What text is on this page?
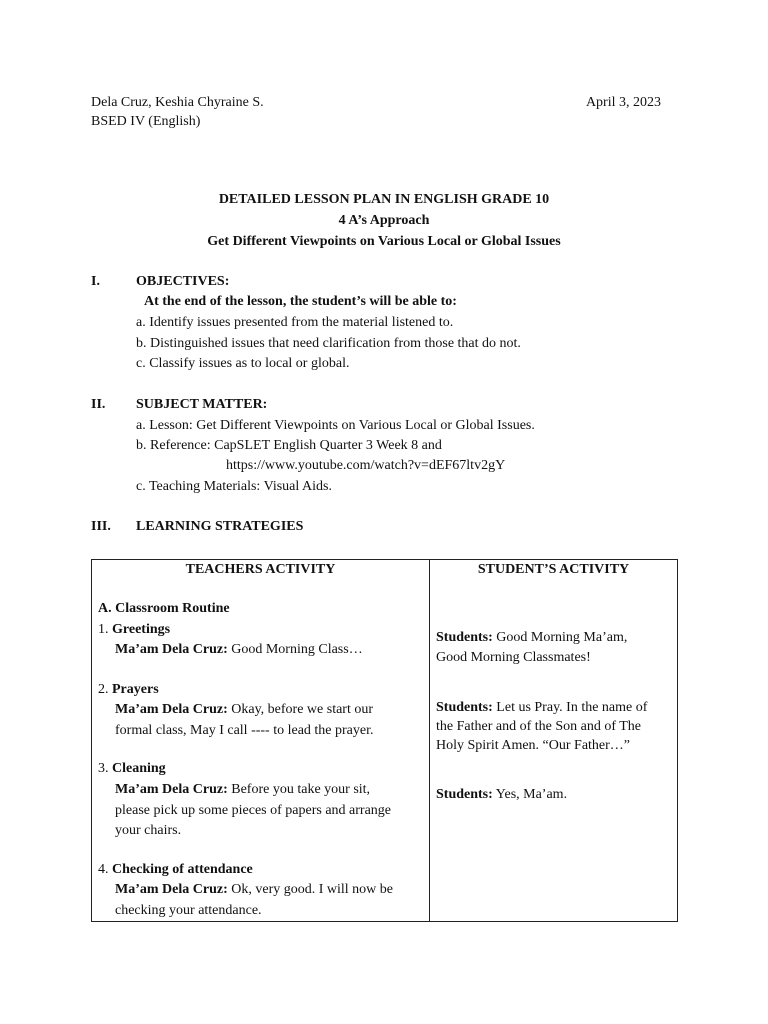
Dela Cruz, Keshia Chyraine S.
BSED IV (English)
April 3, 2023
DETAILED LESSON PLAN IN ENGLISH GRADE 10
4 A’s Approach
Get Different Viewpoints on Various Local or Global Issues
I.	OBJECTIVES:
At the end of the lesson, the student’s will be able to:
a. Identify issues presented from the material listened to.
b. Distinguished issues that need clarification from those that do not.
c. Classify issues as to local or global.
II. SUBJECT MATTER:
a. Lesson: Get Different Viewpoints on Various Local or Global Issues.
b. Reference: CapSLET English Quarter 3 Week 8 and
https://www.youtube.com/watch?v=dEF67ltv2gY
c. Teaching Materials: Visual Aids.
III. LEARNING STRATEGIES
TEACHERS ACTIVITY
A. Classroom Routine
1. Greetings
Ma’am Dela Cruz: Good Morning Class…
2. Prayers
Ma’am Dela Cruz: Okay, before we start our
formal class, May I call ---- to lead the prayer.
3. Cleaning
Ma’am Dela Cruz: Before you take your sit,
please pick up some pieces of papers and arrange
your chairs.
4. Checking of attendance
Ma’am Dela Cruz: Ok, very good. I will now be
checking your attendance.
STUDENT’S ACTIVITY
Students: Good Morning Ma’am,
Good Morning Classmates!
Students: Let us Pray. In the name of
the Father and of the Son and of The
Holy Spirit Amen. “Our Father…”
Students: Yes, Ma’am.
